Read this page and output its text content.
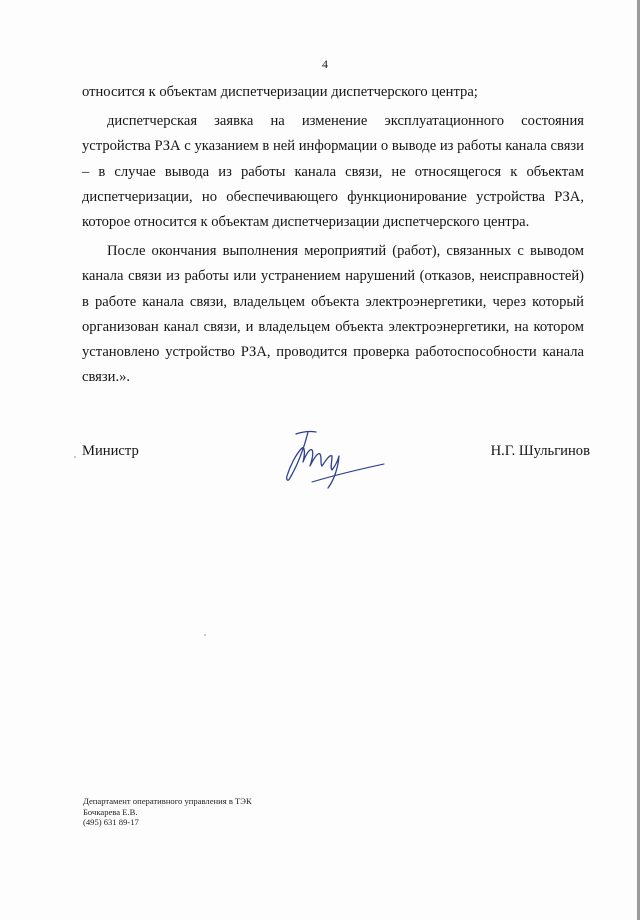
4

относится к объектам диспетчеризации диспетчерского центра;

диспетчерская заявка на изменение эксплуатационного состояния устройства РЗА с указанием в ней информации о выводе из работы канала связи – в случае вывода из работы канала связи, не относящегося к объектам диспетчеризации, но обеспечивающего функционирование устройства РЗА, которое относится к объектам диспетчеризации диспетчерского центра.

После окончания выполнения мероприятий (работ), связанных с выводом канала связи из работы или устранением нарушений (отказов, неисправностей) в работе канала связи, владельцем объекта электроэнергетики, через который организован канал связи, и владельцем объекта электроэнергетики, на котором установлено устройство РЗА, проводится проверка работоспособности канала связи.».

Министр	Н.Г. Шульгинов
Департамент оперативного управления в ТЭК
Бочкарева Е.В.
(495) 631 89-17
